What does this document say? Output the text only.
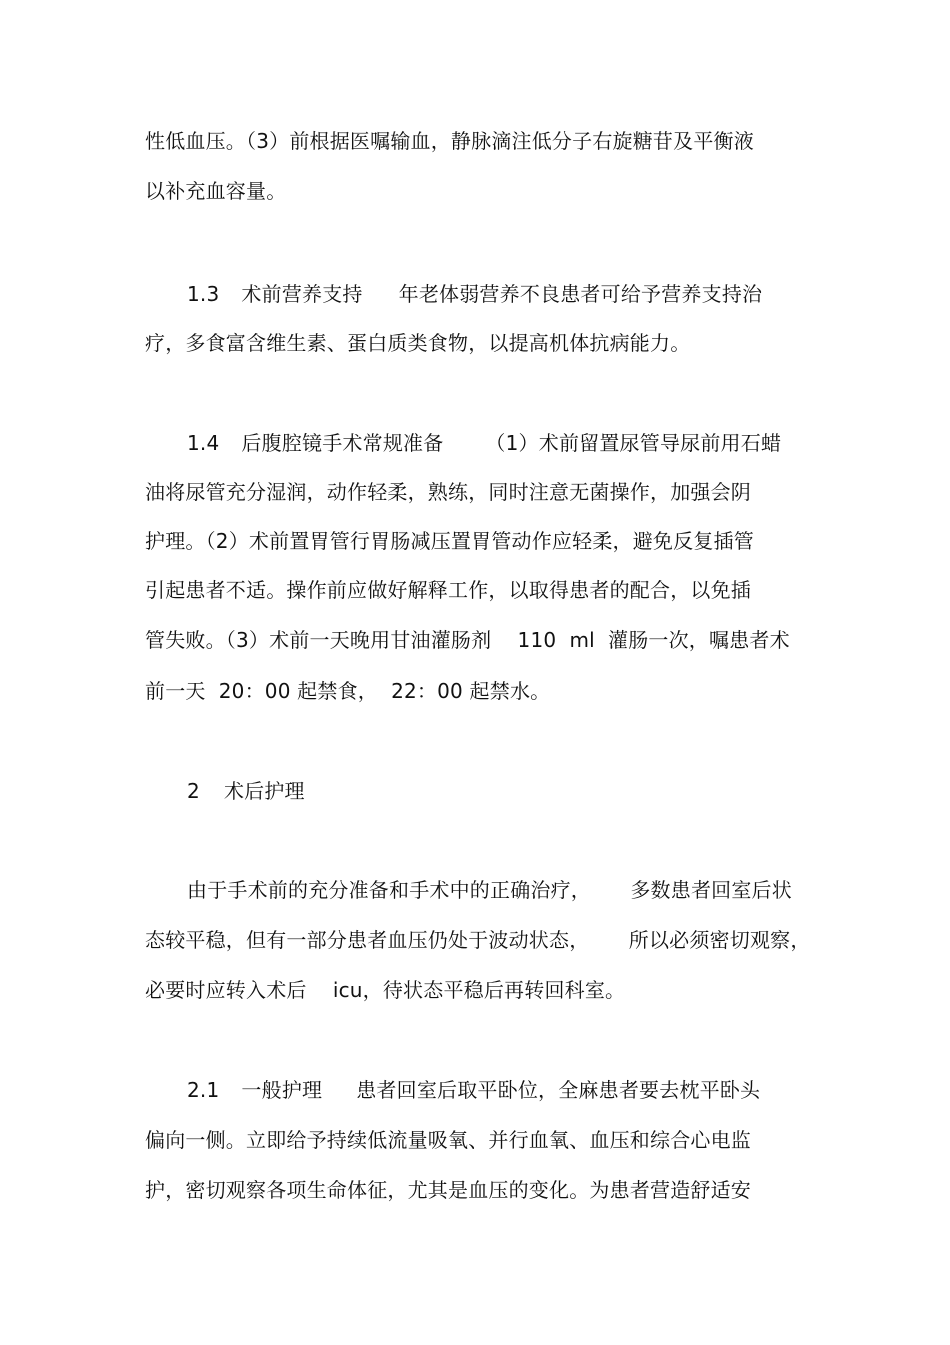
性低血压。（3）前根据医嘱输血，静脉滴注低分子右旋糖苷及平衡液

以补充血容量。

1.3 术前营养支持 年老体弱营养不良患者可给予营养支持治

疗，多食富含维生素、蛋白质类食物，以提高机体抗病能力。

1.4 后腹腔镜手术常规准备 （1）术前留置尿管导尿前用石蜡

油将尿管充分湿润，动作轻柔，熟练，同时注意无菌操作，加强会阴

护理。（2）术前置胃管行胃肠减压置胃管动作应轻柔，避免反复插管

引起患者不适。操作前应做好解释工作，以取得患者的配合，以免插

管失败。（3）术前一天晚用甘油灌肠剂    110  ml  灌肠一次，嘱患者术

前一天  20：00 起禁食，  22：00 起禁水。

2 术后护理

由于手术前的充分准备和手术中的正确治疗，      多数患者回室后状

态较平稳，但有一部分患者血压仍处于波动状态，      所以必须密切观察，

必要时应转入术后    icu，待状态平稳后再转回科室。

2.1 一般护理 患者回室后取平卧位，全麻患者要去枕平卧头

偏向一侧。立即给予持续低流量吸氧、并行血氧、血压和综合心电监

护，密切观察各项生命体征，尤其是血压的变化。为患者营造舒适安
